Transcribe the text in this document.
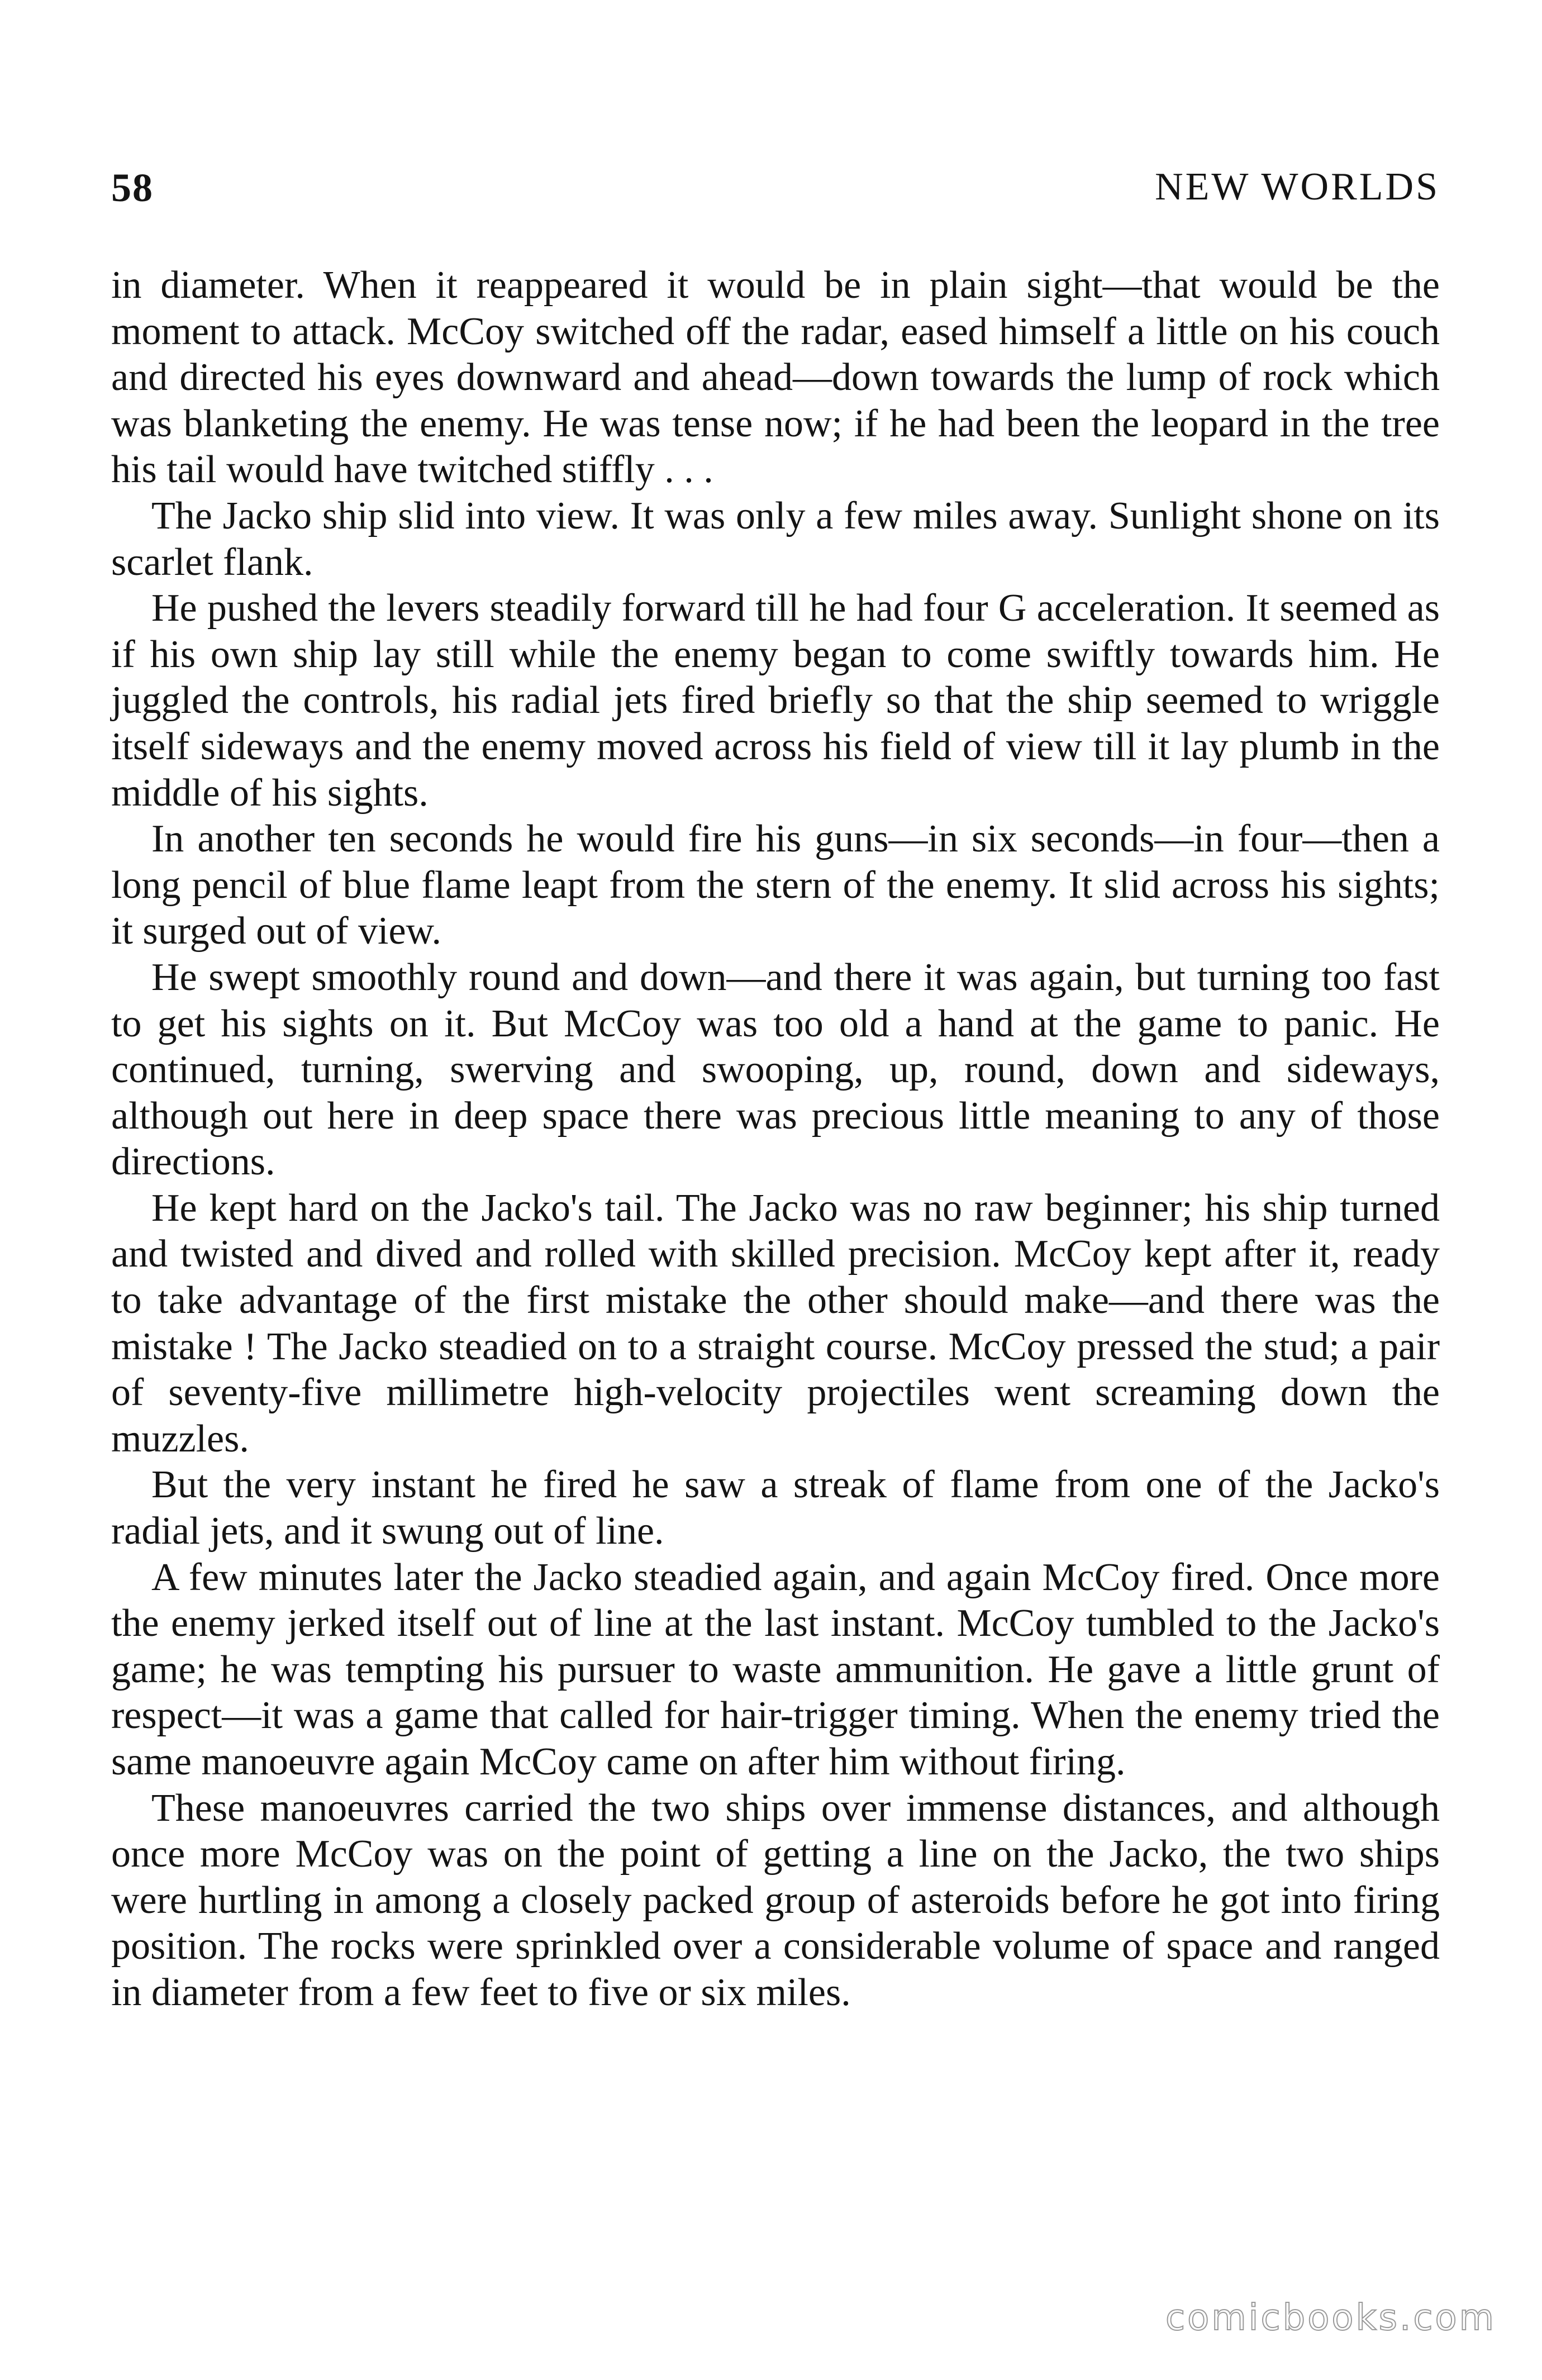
58	NEW WORLDS

in diameter. When it reappeared it would be in plain sight—that would be the moment to attack. McCoy switched off the radar, eased himself a little on his couch and directed his eyes downward and ahead—down towards the lump of rock which was blanketing the enemy. He was tense now; if he had been the leopard in the tree his tail would have twitched stiffly . . .

The Jacko ship slid into view. It was only a few miles away. Sunlight shone on its scarlet flank.

He pushed the levers steadily forward till he had four G acceleration. It seemed as if his own ship lay still while the enemy began to come swiftly towards him. He juggled the controls, his radial jets fired briefly so that the ship seemed to wriggle itself sideways and the enemy moved across his field of view till it lay plumb in the middle of his sights.

In another ten seconds he would fire his guns—in six seconds—in four—then a long pencil of blue flame leapt from the stern of the enemy. It slid across his sights; it surged out of view.

He swept smoothly round and down—and there it was again, but turning too fast to get his sights on it. But McCoy was too old a hand at the game to panic. He continued, turning, swerving and swooping, up, round, down and sideways, although out here in deep space there was precious little meaning to any of those directions.

He kept hard on the Jacko's tail. The Jacko was no raw beginner; his ship turned and twisted and dived and rolled with skilled precision. McCoy kept after it, ready to take advantage of the first mistake the other should make—and there was the mistake ! The Jacko steadied on to a straight course. McCoy pressed the stud; a pair of seventy-five millimetre high-velocity projectiles went screaming down the muzzles.

But the very instant he fired he saw a streak of flame from one of the Jacko's radial jets, and it swung out of line.

A few minutes later the Jacko steadied again, and again McCoy fired. Once more the enemy jerked itself out of line at the last instant. McCoy tumbled to the Jacko's game; he was tempting his pursuer to waste ammunition. He gave a little grunt of respect—it was a game that called for hair-trigger timing. When the enemy tried the same manoeuvre again McCoy came on after him without firing.

These manoeuvres carried the two ships over immense distances, and although once more McCoy was on the point of getting a line on the Jacko, the two ships were hurtling in among a closely packed group of asteroids before he got into firing position. The rocks were sprinkled over a considerable volume of space and ranged in diameter from a few feet to five or six miles.

comicbooks.com
